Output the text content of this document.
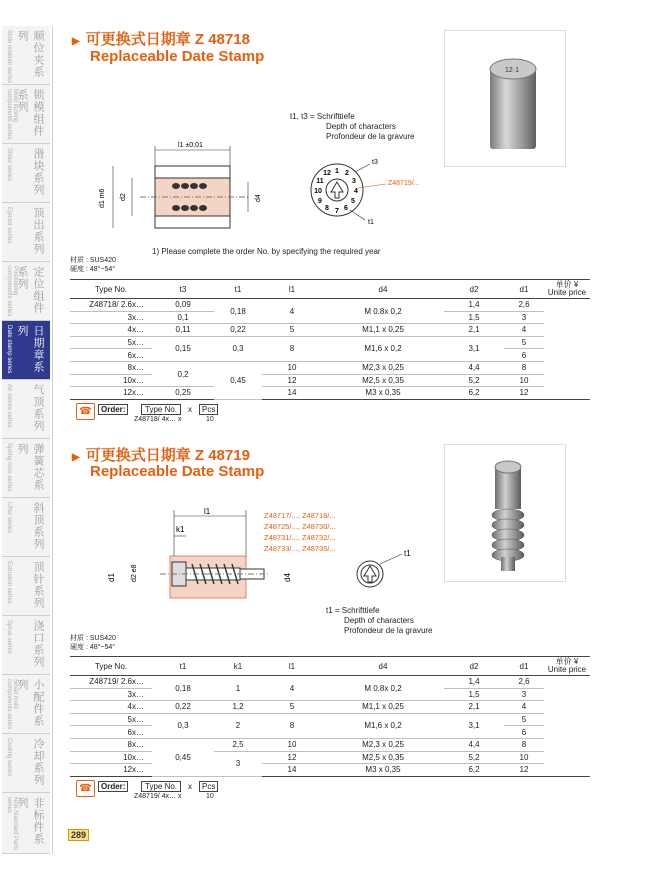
顺位夹系列
Slide retainer series
锁模组件系列
Mold locking components series
滑块系列
Slider series
顶出系列
Ejector series
定位组件系列
Positioning components series
日期章系列
Date stamp series
气顶系列
Air valves series
弹簧芯系列
Spring core series
斜顶系列
Lifter series
顶针系列
Extrusion series
浇口系列
Sprue series
小配件系列
Small mold components series
冷却系列
Cooling series
非标件系列
Non-Standard Parts series
▶ 可更换式日期章 Z 48718
Replaceable Date Stamp
12·1
t1, t3 = Schrifttiefe
Depth of characters
Profondeur de la gravure
l1 ±0,01
d1 m6 d2	d4
1 2
3
4
5
6
7
8
9
10
11
12
t3
t1
Z48719/...
1) Please complete the order No. by specifying the required year
材质 : SUS420
硬度 : 48°~54°
Type No.	t3	t1	l1	d4	d2	d1	单价 ¥
Unite price

Z48718/ 2.6x…	0,09	0,18	4	M 0.8x 0,2	1,4	2,6	
3x…	0,1				1,5	3	
4x…	0,11	0,22	5	M1,1 x 0,25	2,1	4	
5x…	0,15	0,3	8	M1,6 x 0,2	3,1	5	
6x…						6	
8x…	0,2	0,45	10	M2,3 x 0,25	4,4	8	
10x…			12	M2,5 x 0,35	5,2	10	
12x…	0,25		14	M3 x 0,35	6,2	12	
☎	Order:	Type No.	x	Pcs
Z48718/ 4x… x	10
▶ 可更换式日期章 Z 48719
Replaceable Date Stamp
l1
k1
d1 d2 e8	d4
Z48717/..., Z48718/...
Z48725/..., Z48730/...
Z48731/..., Z48732/...
Z48733/..., Z48735/...
t1
t1 = Schrifttiefe
Depth of characters
Profondeur de la gravure
材质 : SUS420
硬度 : 48°~54°
Type No.	t1	k1	l1	d4	d2	d1	单价 ¥
Unite price

Z48719/ 2.6x…	0,18	1	4	M 0.8x 0,2	1,4	2,6	
3x…					1,5	3	
4x…	0,22	1,2	5	M1,1 x 0,25	2,1	4	
5x…	0,3	2	8	M1,6 x 0,2	3,1	5	
6x…						6	
8x…	0,45	2,5	10	M2,3 x 0,25	4,4	8	
10x…		3	12	M2,5 x 0,35	5,2	10	
12x…			14	M3 x 0,35	6,2	12	
☎	Order:	Type No.	x	Pcs
Z48719/ 4x… x	10
289
